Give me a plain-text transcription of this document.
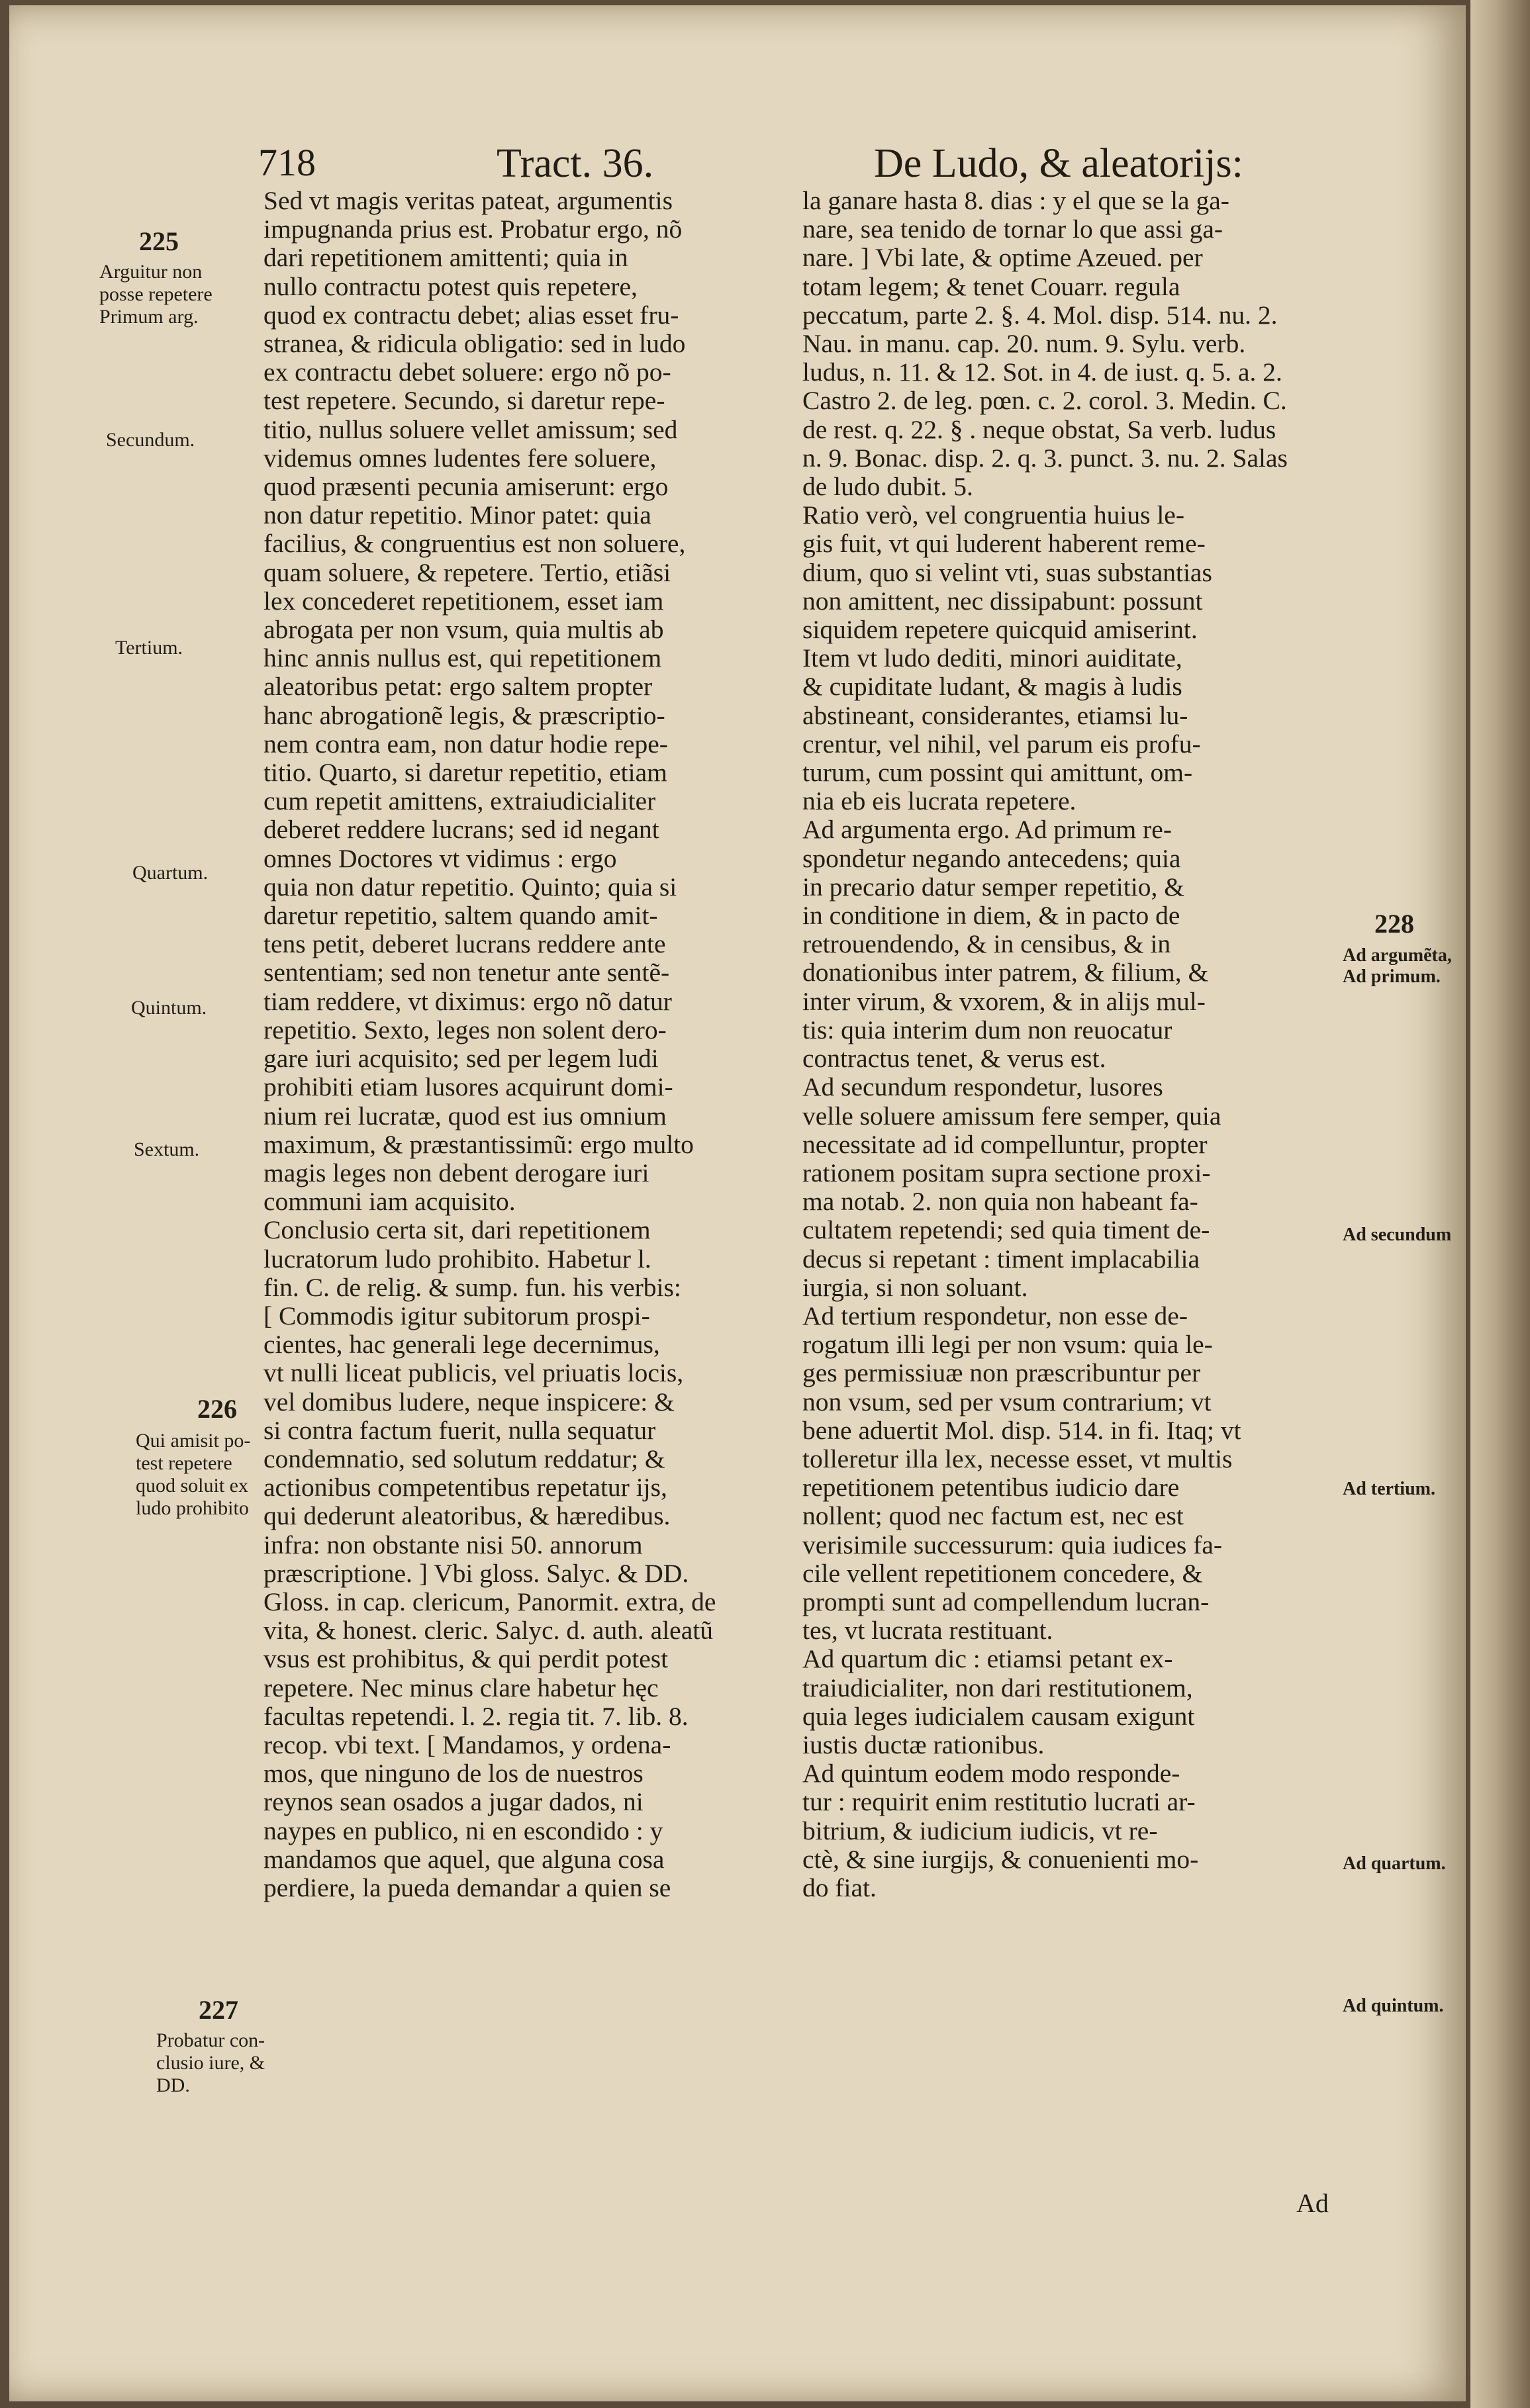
718	Tract. 36.	De Ludo, & aleatorijs:

Sed vt magis veritas pateat, argumentis

impugnanda prius est. Probatur ergo, nõ

dari repetitionem amittenti; quia in

nullo contractu potest quis repetere,

quod ex contractu debet; alias esset fru-

stranea, & ridicula obligatio: sed in ludo

ex contractu debet soluere: ergo nõ po-

test repetere. Secundo, si daretur repe-

titio, nullus soluere vellet amissum; sed

videmus omnes ludentes fere soluere,

quod præsenti pecunia amiserunt: ergo

non datur repetitio. Minor patet: quia

facilius, & congruentius est non soluere,

quam soluere, & repetere. Tertio, etiãsi

lex concederet repetitionem, esset iam

abrogata per non vsum, quia multis ab

hinc annis nullus est, qui repetitionem

aleatoribus petat: ergo saltem propter

hanc abrogationẽ legis, & præscriptio-

nem contra eam, non datur hodie repe-

titio. Quarto, si daretur repetitio, etiam

cum repetit amittens, extraiudicialiter

deberet reddere lucrans; sed id negant

omnes Doctores vt vidimus : ergo

quia non datur repetitio. Quinto; quia si

daretur repetitio, saltem quando amit-

tens petit, deberet lucrans reddere ante

sententiam; sed non tenetur ante sentẽ-

tiam reddere, vt diximus: ergo nõ datur

repetitio. Sexto, leges non solent dero-

gare iuri acquisito; sed per legem ludi

prohibiti etiam lusores acquirunt domi-

nium rei lucratæ, quod est ius omnium

maximum, & præstantissimũ: ergo multo

magis leges non debent derogare iuri

communi iam acquisito.

Conclusio certa sit, dari repetitionem

lucratorum ludo prohibito. Habetur l.

fin. C. de relig. & sump. fun. his verbis:

[ Commodis igitur subitorum prospi-

cientes, hac generali lege decernimus,

vt nulli liceat publicis, vel priuatis locis,

vel domibus ludere, neque inspicere: &

si contra factum fuerit, nulla sequatur

condemnatio, sed solutum reddatur; &

actionibus competentibus repetatur ijs,

qui dederunt aleatoribus, & hæredibus.

infra: non obstante nisi 50. annorum

præscriptione. ] Vbi gloss. Salyc. & DD.

Gloss. in cap. clericum, Panormit. extra, de

vita, & honest. cleric. Salyc. d. auth. aleatũ

vsus est prohibitus, & qui perdit potest

repetere. Nec minus clare habetur hęc

facultas repetendi. l. 2. regia tit. 7. lib. 8.

recop. vbi text. [ Mandamos, y ordena-

mos, que ninguno de los de nuestros

reynos sean osados a jugar dados, ni

naypes en publico, ni en escondido : y

mandamos que aquel, que alguna cosa

perdiere, la pueda demandar a quien se

la ganare hasta 8. dias : y el que se la ga-

nare, sea tenido de tornar lo que assi ga-

nare. ] Vbi late, & optime Azeued. per

totam legem; & tenet Couarr. regula

peccatum, parte 2. §. 4. Mol. disp. 514. nu. 2.

Nau. in manu. cap. 20. num. 9. Sylu. verb.

ludus, n. 11. & 12. Sot. in 4. de iust. q. 5. a. 2.

Castro 2. de leg. pœn. c. 2. corol. 3. Medin. C.

de rest. q. 22. § . neque obstat, Sa verb. ludus

n. 9. Bonac. disp. 2. q. 3. punct. 3. nu. 2. Salas

de ludo dubit. 5.

Ratio verò, vel congruentia huius le-

gis fuit, vt qui luderent haberent reme-

dium, quo si velint vti, suas substantias

non amittent, nec dissipabunt: possunt

siquidem repetere quicquid amiserint.

Item vt ludo dediti, minori auiditate,

& cupiditate ludant, & magis à ludis

abstineant, considerantes, etiamsi lu-

crentur, vel nihil, vel parum eis profu-

turum, cum possint qui amittunt, om-

nia eb eis lucrata repetere.

Ad argumenta ergo. Ad primum re-

spondetur negando antecedens; quia

in precario datur semper repetitio, &

in conditione in diem, & in pacto de

retrouendendo, & in censibus, & in

donationibus inter patrem, & filium, &

inter virum, & vxorem, & in alijs mul-

tis: quia interim dum non reuocatur

contractus tenet, & verus est.

Ad secundum respondetur, lusores

velle soluere amissum fere semper, quia

necessitate ad id compelluntur, propter

rationem positam supra sectione proxi-

ma notab. 2. non quia non habeant fa-

cultatem repetendi; sed quia timent de-

decus si repetant : timent implacabilia

iurgia, si non soluant.

Ad tertium respondetur, non esse de-

rogatum illi legi per non vsum: quia le-

ges permissiuæ non præscribuntur per

non vsum, sed per vsum contrarium; vt

bene aduertit Mol. disp. 514. in fi. Itaq; vt

tolleretur illa lex, necesse esset, vt multis

repetitionem petentibus iudicio dare

nollent; quod nec factum est, nec est

verisimile successurum: quia iudices fa-

cile vellent repetitionem concedere, &

prompti sunt ad compellendum lucran-

tes, vt lucrata restituant.

Ad quartum dic : etiamsi petant ex-

traiudicialiter, non dari restitutionem,

quia leges iudicialem causam exigunt

iustis ductæ rationibus.

Ad quintum eodem modo responde-

tur : requirit enim restitutio lucrati ar-

bitrium, & iudicium iudicis, vt re-

ctè, & sine iurgijs, & conuenienti mo-

do fiat.

225
Arguitur non
posse repetere
Primum arg.
Secundum.
Tertium.
Quartum.
Quintum.
Sextum.
226
Qui amisit po-
test repetere
quod soluit ex
ludo prohibito
227
Probatur con-
clusio iure, &
DD.
228
Ad argumẽta,
Ad primum.
Ad secundum
Ad tertium.
Ad quartum.
Ad quintum.
Ad
